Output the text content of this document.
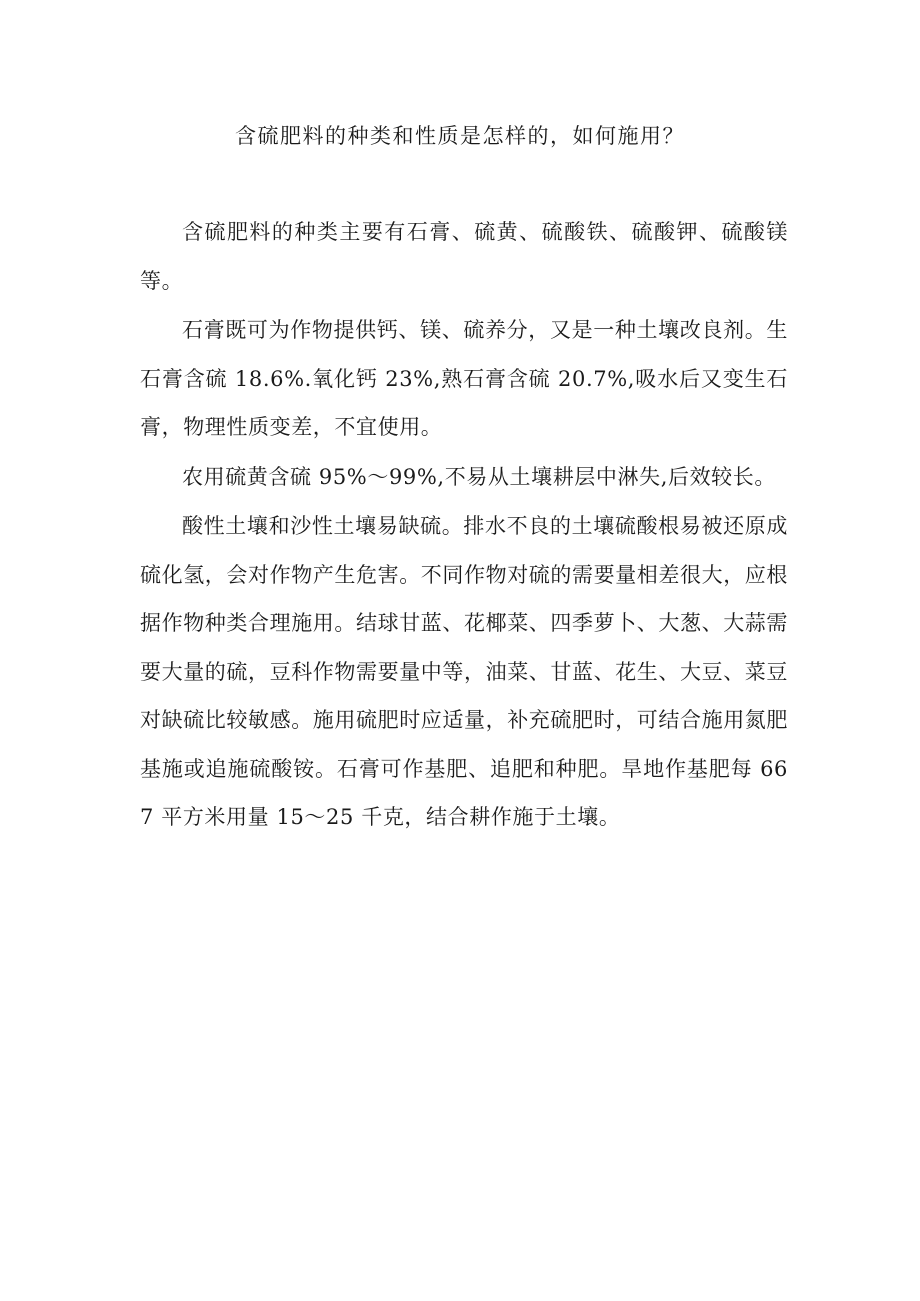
含硫肥料的种类和性质是怎样的，如何施用？

含硫肥料的种类主要有石膏、硫黄、硫酸铁、硫酸钾、硫酸镁等。

石膏既可为作物提供钙、镁、硫养分，又是一种土壤改良剂。生石膏含硫 18.6%.氧化钙 23%,熟石膏含硫 20.7%,吸水后又变生石膏，物理性质变差，不宜使用。

农用硫黄含硫 95%～99%,不易从土壤耕层中淋失,后效较长。

酸性土壤和沙性土壤易缺硫。排水不良的土壤硫酸根易被还原成硫化氢，会对作物产生危害。不同作物对硫的需要量相差很大，应根据作物种类合理施用。结球甘蓝、花椰菜、四季萝卜、大葱、大蒜需要大量的硫，豆科作物需要量中等，油菜、甘蓝、花生、大豆、菜豆对缺硫比较敏感。施用硫肥时应适量，补充硫肥时，可结合施用氮肥基施或追施硫酸铵。石膏可作基肥、追肥和种肥。旱地作基肥每 667 平方米用量 15～25 千克，结合耕作施于土壤。
